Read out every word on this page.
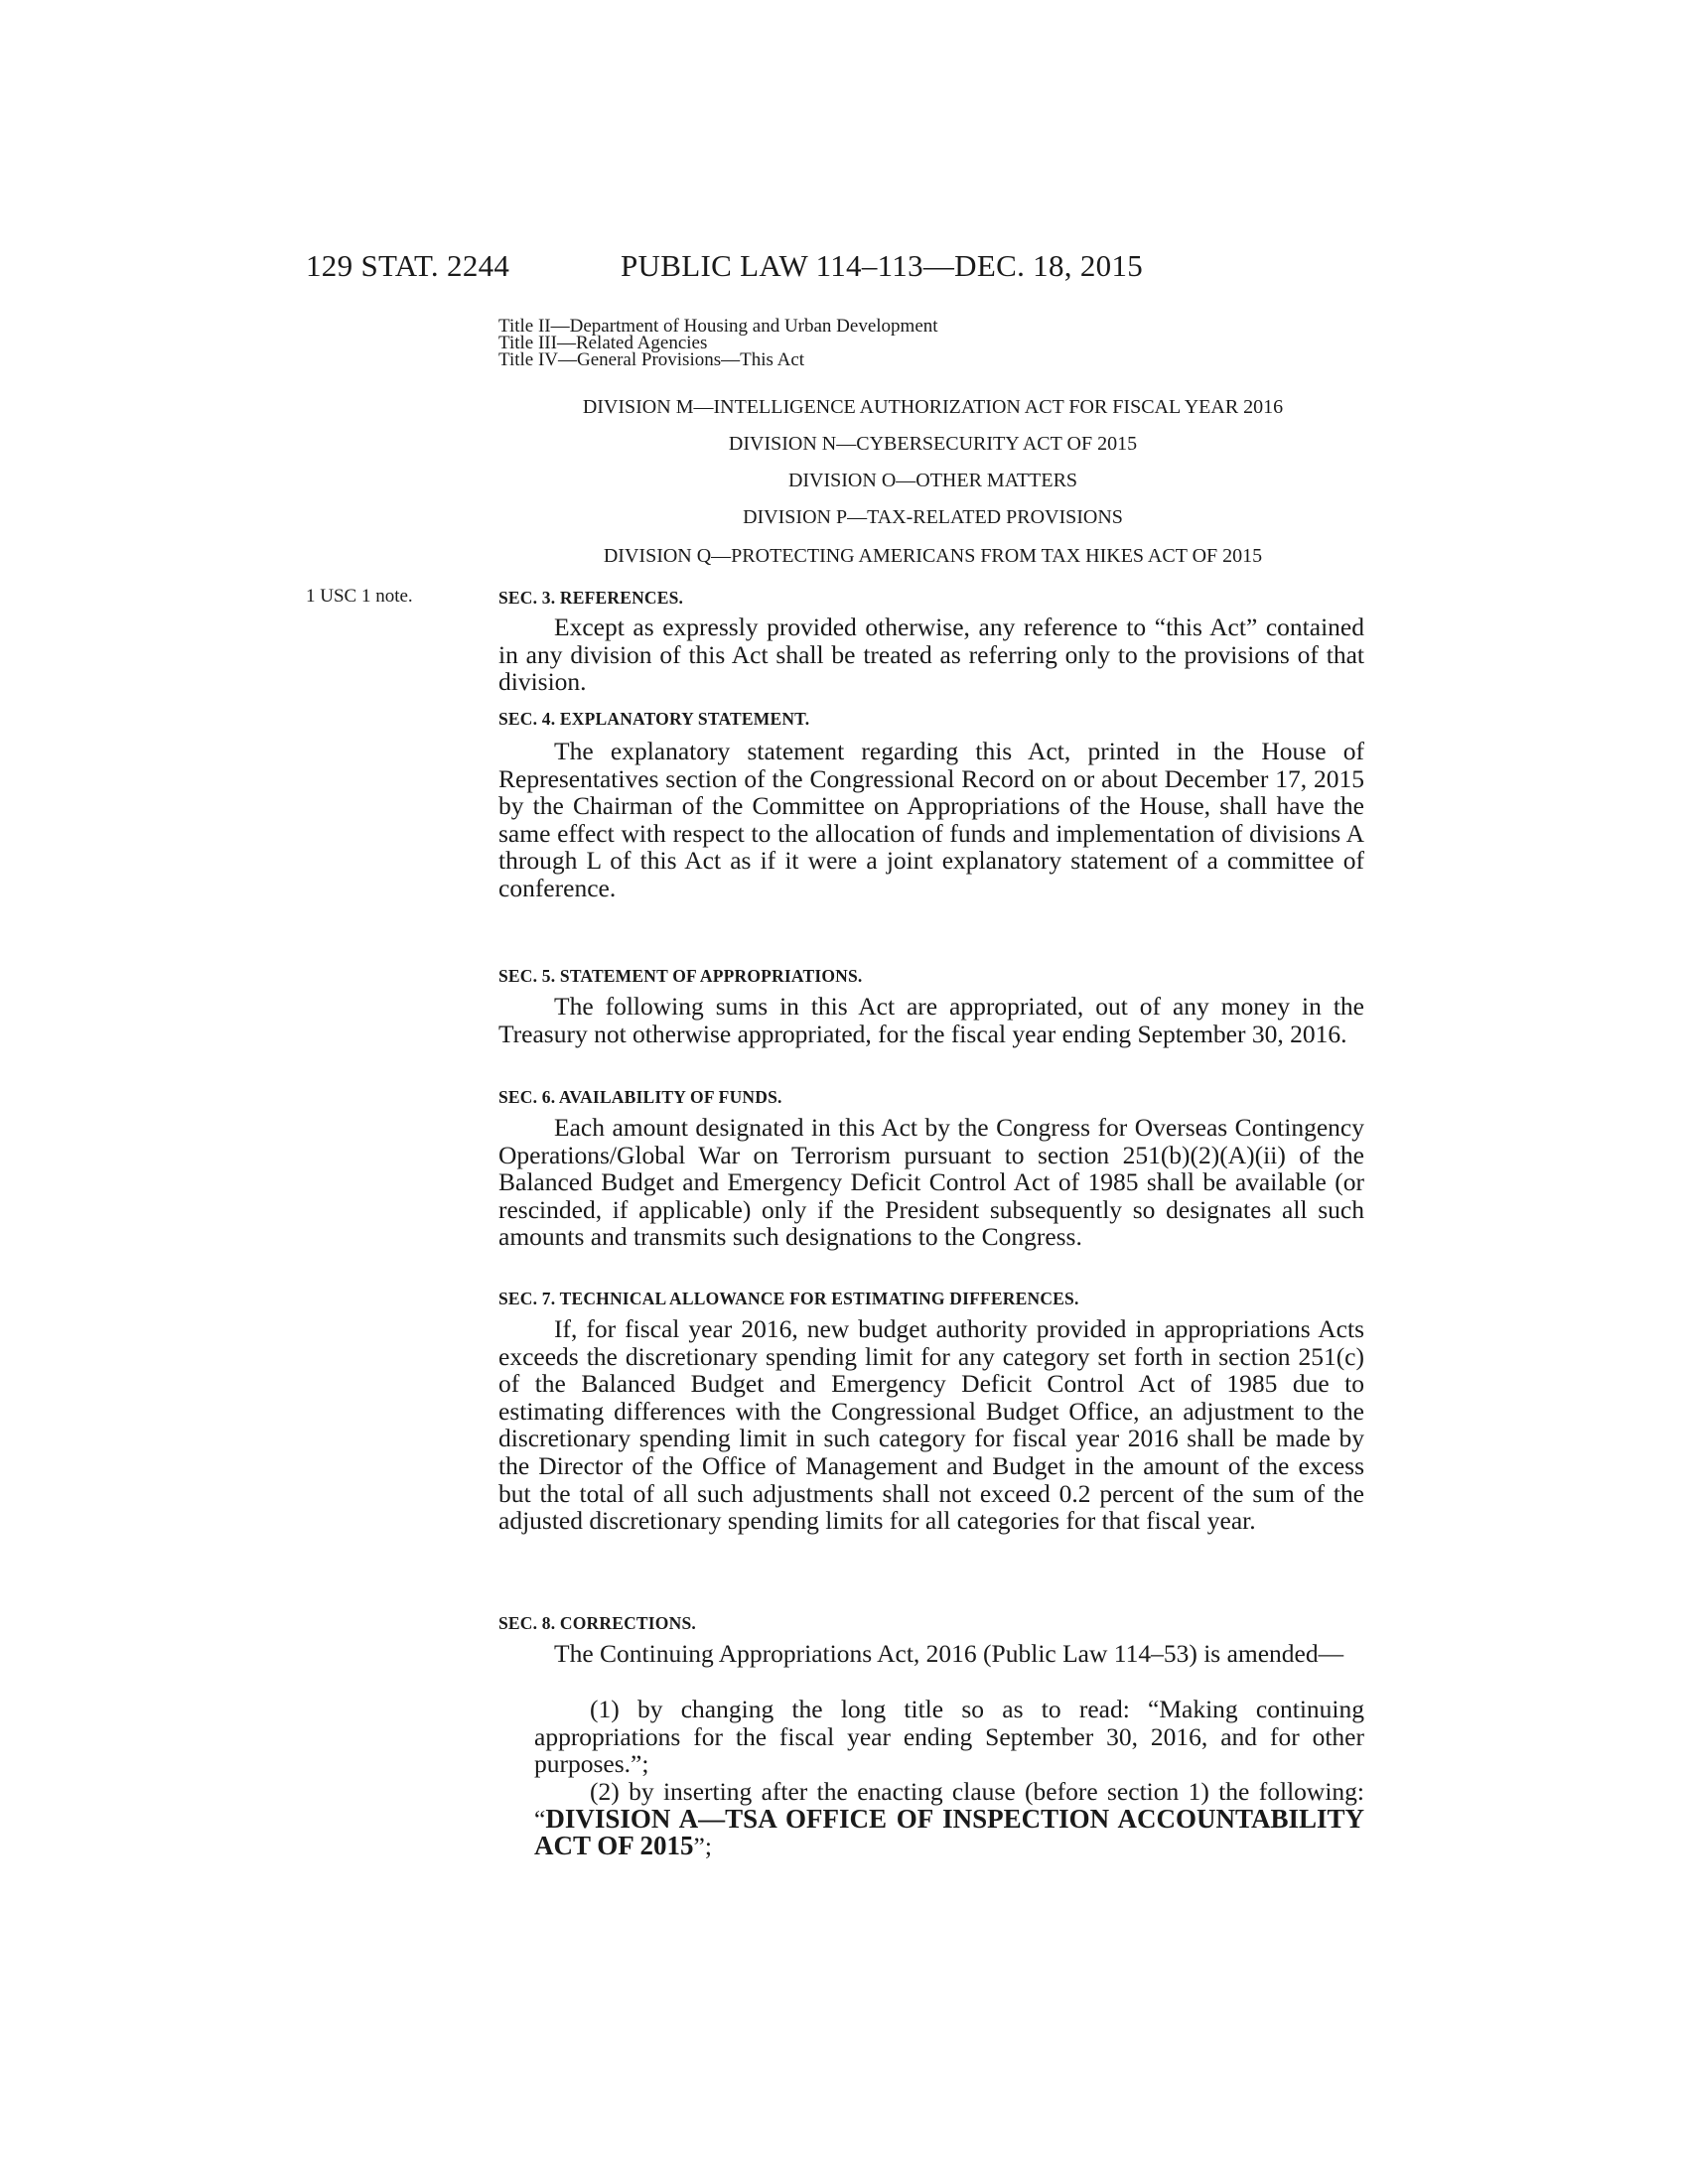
129 STAT. 2244	PUBLIC LAW 114–113—DEC. 18, 2015
Title II—Department of Housing and Urban Development
Title III—Related Agencies
Title IV—General Provisions—This Act
DIVISION M—INTELLIGENCE AUTHORIZATION ACT FOR FISCAL YEAR 2016
DIVISION N—CYBERSECURITY ACT OF 2015
DIVISION O—OTHER MATTERS
DIVISION P—TAX-RELATED PROVISIONS
DIVISION Q—PROTECTING AMERICANS FROM TAX HIKES ACT OF 2015
1 USC 1 note.	SEC. 3. REFERENCES.
Except as expressly provided otherwise, any reference to “this Act” contained in any division of this Act shall be treated as referring only to the provisions of that division.
SEC. 4. EXPLANATORY STATEMENT.
The explanatory statement regarding this Act, printed in the House of Representatives section of the Congressional Record on or about December 17, 2015 by the Chairman of the Committee on Appropriations of the House, shall have the same effect with respect to the allocation of funds and implementation of divisions A through L of this Act as if it were a joint explanatory statement of a committee of conference.
SEC. 5. STATEMENT OF APPROPRIATIONS.
The following sums in this Act are appropriated, out of any money in the Treasury not otherwise appropriated, for the fiscal year ending September 30, 2016.
SEC. 6. AVAILABILITY OF FUNDS.
Each amount designated in this Act by the Congress for Overseas Contingency Operations/Global War on Terrorism pursuant to section 251(b)(2)(A)(ii) of the Balanced Budget and Emergency Deficit Control Act of 1985 shall be available (or rescinded, if applicable) only if the President subsequently so designates all such amounts and transmits such designations to the Congress.
SEC. 7. TECHNICAL ALLOWANCE FOR ESTIMATING DIFFERENCES.
If, for fiscal year 2016, new budget authority provided in appropriations Acts exceeds the discretionary spending limit for any category set forth in section 251(c) of the Balanced Budget and Emergency Deficit Control Act of 1985 due to estimating differences with the Congressional Budget Office, an adjustment to the discretionary spending limit in such category for fiscal year 2016 shall be made by the Director of the Office of Management and Budget in the amount of the excess but the total of all such adjustments shall not exceed 0.2 percent of the sum of the adjusted discretionary spending limits for all categories for that fiscal year.
SEC. 8. CORRECTIONS.
The Continuing Appropriations Act, 2016 (Public Law 114–53) is amended—
(1) by changing the long title so as to read: “Making continuing appropriations for the fiscal year ending September 30, 2016, and for other purposes.”;
(2) by inserting after the enacting clause (before section 1) the following: “DIVISION A—TSA OFFICE OF INSPECTION ACCOUNTABILITY ACT OF 2015”;
